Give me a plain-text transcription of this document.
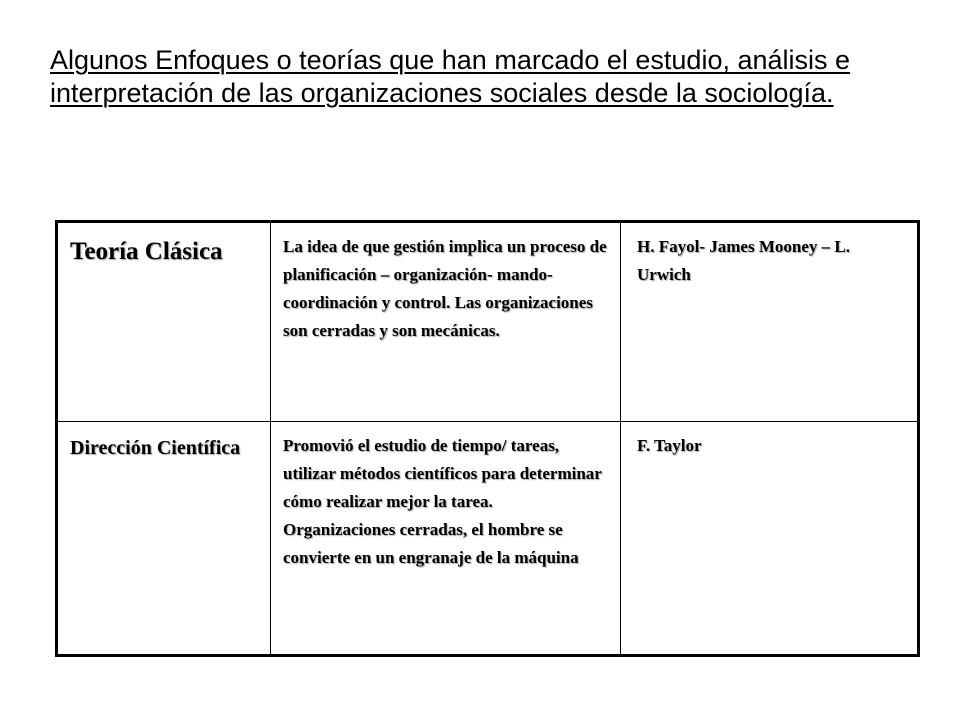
Algunos Enfoques o teorías que han marcado el estudio, análisis e interpretación de las organizaciones sociales desde la sociología.
Teoría Clásica	La idea de que gestión implica un proceso de planificación – organización- mando- coordinación y control. Las organizaciones son cerradas y son mecánicas.	H. Fayol- James Mooney – L. Urwich

Dirección Científica	Promovió el estudio de tiempo/ tareas, utilizar métodos científicos para determinar cómo realizar mejor la tarea. Organizaciones cerradas, el hombre se convierte en un engranaje de la máquina	F. Taylor
